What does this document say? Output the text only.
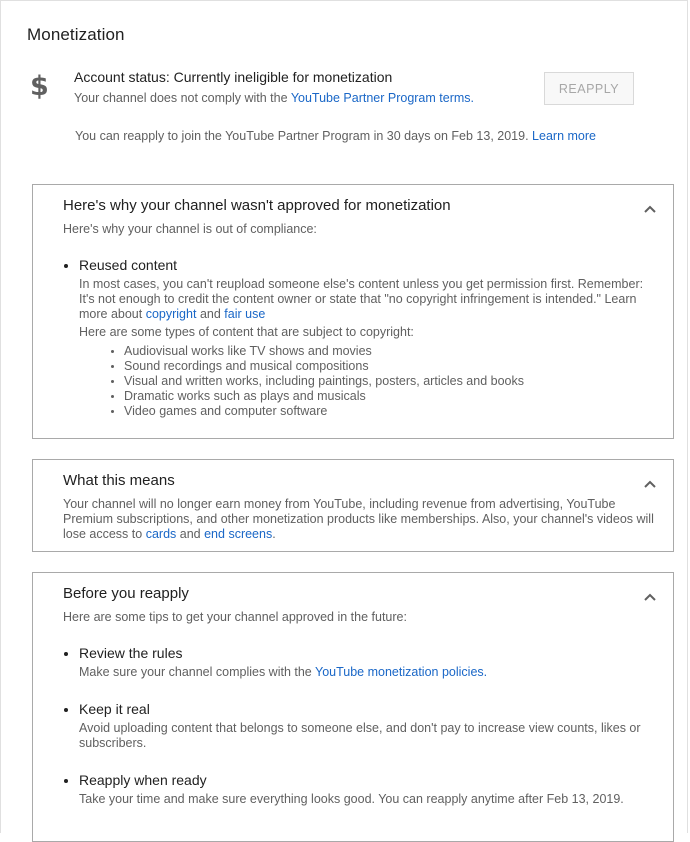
Monetization
$ Account status: Currently ineligible for monetization
Your channel does not comply with the YouTube Partner Program terms.
REAPPLY
You can reapply to join the YouTube Partner Program in 30 days on Feb 13, 2019. Learn more
Here's why your channel wasn't approved for monetization
Here's why your channel is out of compliance:
Reused content
In most cases, you can't reupload someone else's content unless you get permission first. Remember: It's not enough to credit the content owner or state that "no copyright infringement is intended." Learn more about copyright and fair use
Here are some types of content that are subject to copyright:
Audiovisual works like TV shows and movies
Sound recordings and musical compositions
Visual and written works, including paintings, posters, articles and books
Dramatic works such as plays and musicals
Video games and computer software
What this means
Your channel will no longer earn money from YouTube, including revenue from advertising, YouTube Premium subscriptions, and other monetization products like memberships. Also, your channel's videos will lose access to cards and end screens.
Before you reapply
Here are some tips to get your channel approved in the future:
Review the rules
Make sure your channel complies with the YouTube monetization policies.
Keep it real
Avoid uploading content that belongs to someone else, and don't pay to increase view counts, likes or subscribers.
Reapply when ready
Take your time and make sure everything looks good. You can reapply anytime after Feb 13, 2019.
